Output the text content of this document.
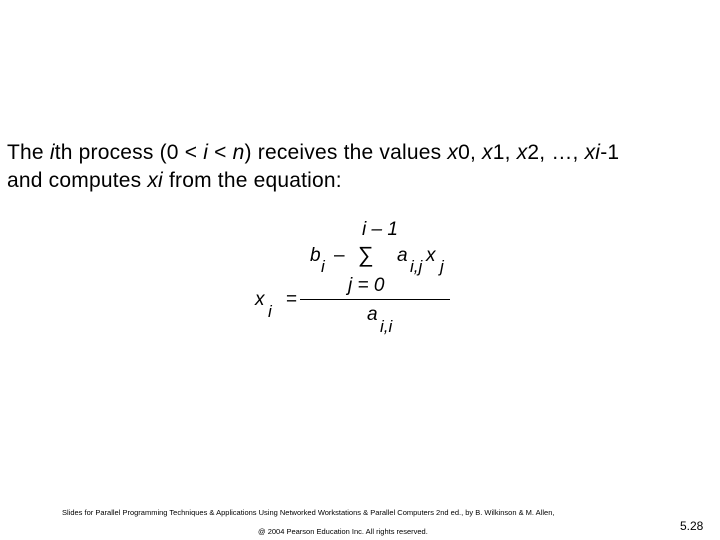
The ith process (0 < i < n) receives the values x0, x1, x2, …, xi-1
and computes xi from the equation:
i – 1
b
i
– ∑ a
i,j
x
j
j = 0
x
i
=
a
i,i
Slides for Parallel Programming Techniques & Applications Using Networked Workstations & Parallel Computers 2nd ed., by B. Wilkinson & M. Allen,
@ 2004 Pearson Education Inc. All rights reserved.	5.28
